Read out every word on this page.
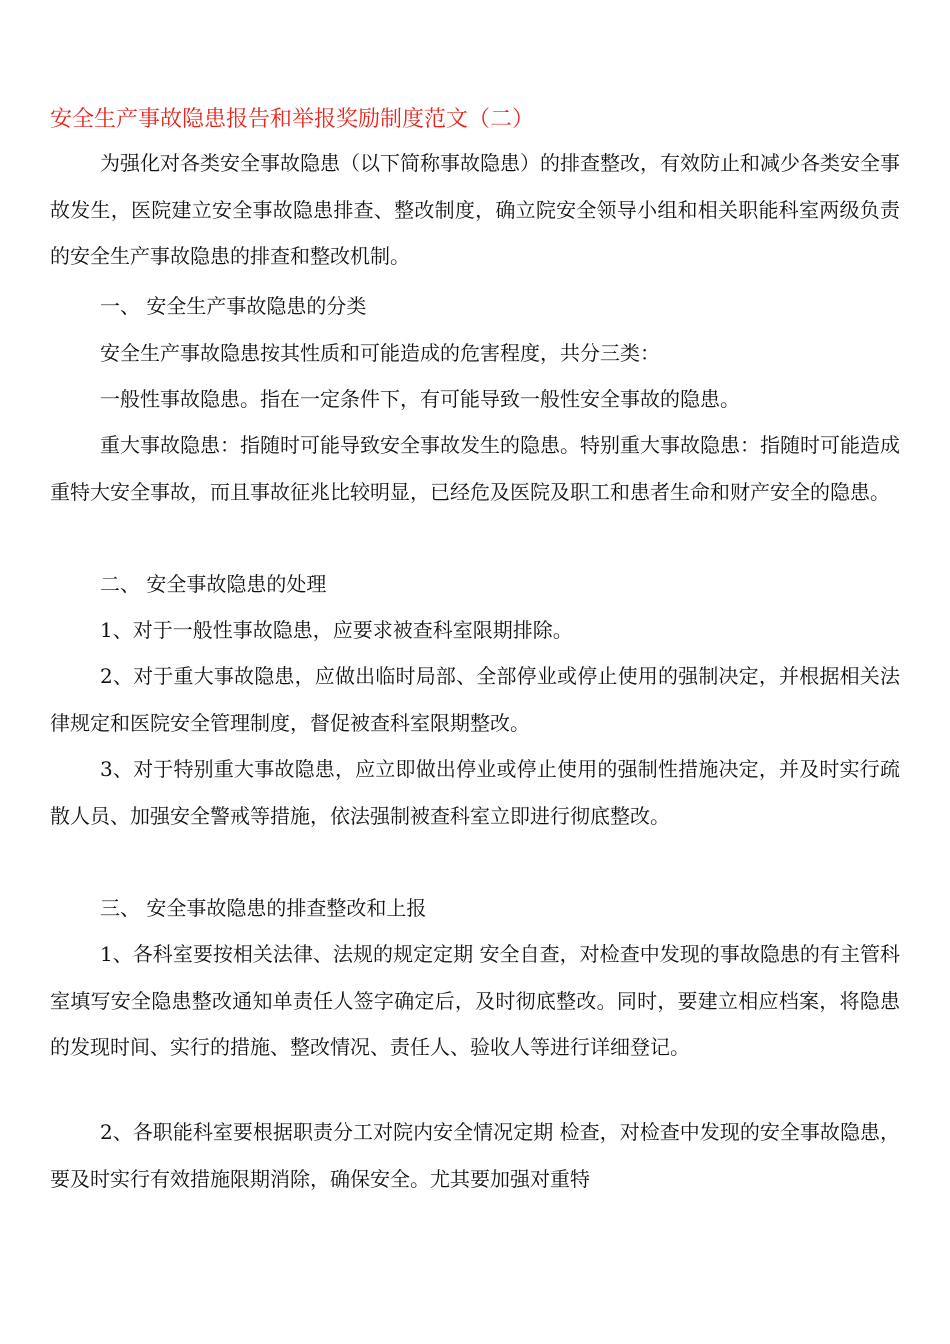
安全生产事故隐患报告和举报奖励制度范文（二）

为强化对各类安全事故隐患（以下简称事故隐患）的排查整改，有效防止和减少各类安全事故发生，医院建立安全事故隐患排查、整改制度，确立院安全领导小组和相关职能科室两级负责的安全生产事故隐患的排查和整改机制。

一、 安全生产事故隐患的分类

安全生产事故隐患按其性质和可能造成的危害程度，共分三类：

一般性事故隐患。指在一定条件下，有可能导致一般性安全事故的隐患。

重大事故隐患：指随时可能导致安全事故发生的隐患。特别重大事故隐患：指随时可能造成重特大安全事故，而且事故征兆比较明显，已经危及医院及职工和患者生命和财产安全的隐患。

二、 安全事故隐患的处理

1、对于一般性事故隐患，应要求被查科室限期排除。

2、对于重大事故隐患，应做出临时局部、全部停业或停止使用的强制决定，并根据相关法律规定和医院安全管理制度，督促被查科室限期整改。

3、对于特别重大事故隐患，应立即做出停业或停止使用的强制性措施决定，并及时实行疏散人员、加强安全警戒等措施，依法强制被查科室立即进行彻底整改。

三、 安全事故隐患的排查整改和上报

1、各科室要按相关法律、法规的规定定期 安全自查，对检查中发现的事故隐患的有主管科室填写安全隐患整改通知单责任人签字确定后，及时彻底整改。同时，要建立相应档案，将隐患的发现时间、实行的措施、整改情况、责任人、验收人等进行详细登记。

2、各职能科室要根据职责分工对院内安全情况定期 检查，对检查中发现的安全事故隐患，要及时实行有效措施限期消除，确保安全。尤其要加强对重特
